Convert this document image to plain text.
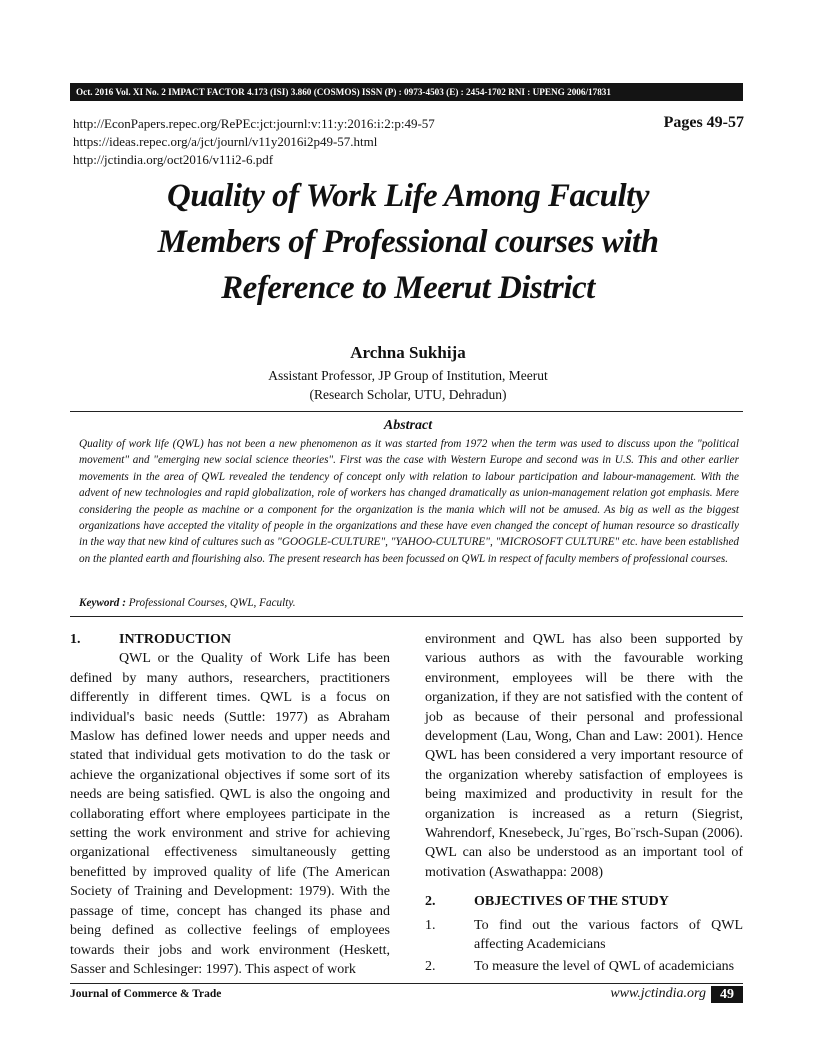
Oct. 2016 Vol. XI No. 2 IMPACT FACTOR 4.173 (ISI) 3.860 (COSMOS) ISSN (P) : 0973-4503 (E) : 2454-1702 RNI : UPENG 2006/17831
http://EconPapers.repec.org/RePEc:jct:journl:v:11:y:2016:i:2:p:49-57
https://ideas.repec.org/a/jct/journl/v11y2016i2p49-57.html
http://jctindia.org/oct2016/v11i2-6.pdf
Pages 49-57
Quality of Work Life Among Faculty
Members of Professional courses with
Reference to Meerut District
Archna Sukhija
Assistant Professor, JP Group of Institution, Meerut
(Research Scholar, UTU, Dehradun)
Abstract
Quality of work life (QWL) has not been a new phenomenon as it was started from 1972 when the term was used to discuss upon the "political movement" and "emerging new social science theories". First was the case with Western Europe and second was in U.S. This and other earlier movements in the area of QWL revealed the tendency of concept only with relation to labour participation and labour-management. With the advent of new technologies and rapid globalization, role of workers has changed dramatically as union-management relation got emphasis. Mere considering the people as machine or a component for the organization is the mania which will not be amused. As big as well as the biggest organizations have accepted the vitality of people in the organizations and these have even changed the concept of human resource so drastically in the way that new kind of cultures such as "GOOGLE-CULTURE", "YAHOO-CULTURE", "MICROSOFT CULTURE" etc. have been established on the planted earth and flourishing also. The present research has been focussed on QWL in respect of faculty members of professional courses.
Keyword : Professional Courses, QWL, Faculty.
1.	INTRODUCTION
QWL or the Quality of Work Life has been defined by many authors, researchers, practitioners differently in different times. QWL is a focus on individual's basic needs (Suttle: 1977) as Abraham Maslow has defined lower needs and upper needs and stated that individual gets motivation to do the task or achieve the organizational objectives if some sort of its needs are being satisfied. QWL is also the ongoing and collaborating effort where employees participate in the setting the work environment and strive for achieving organizational effectiveness simultaneously getting benefitted by improved quality of life (The American Society of Training and Development: 1979). With the passage of time, concept has changed its phase and being defined as collective feelings of employees towards their jobs and work environment (Heskett, Sasser and Schlesinger: 1997). This aspect of work
environment and QWL has also been supported by various authors as with the favourable working environment, employees will be there with the organization, if they are not satisfied with the content of job as because of their personal and professional development (Lau, Wong, Chan and Law: 2001). Hence QWL has been considered a very important resource of the organization whereby satisfaction of employees is being maximized and productivity in result for the organization is increased as a return (Siegrist, Wahrendorf, Knesebeck, Ju¨rges, Bo¨rsch-Supan (2006). QWL can also be understood as an important tool of motivation (Aswathappa: 2008)
2.	OBJECTIVES OF THE STUDY
1.	To find out the various factors of QWL affecting Academicians
2.	To measure the level of QWL of academicians
Journal of Commerce & Trade	www.jctindia.org	49
